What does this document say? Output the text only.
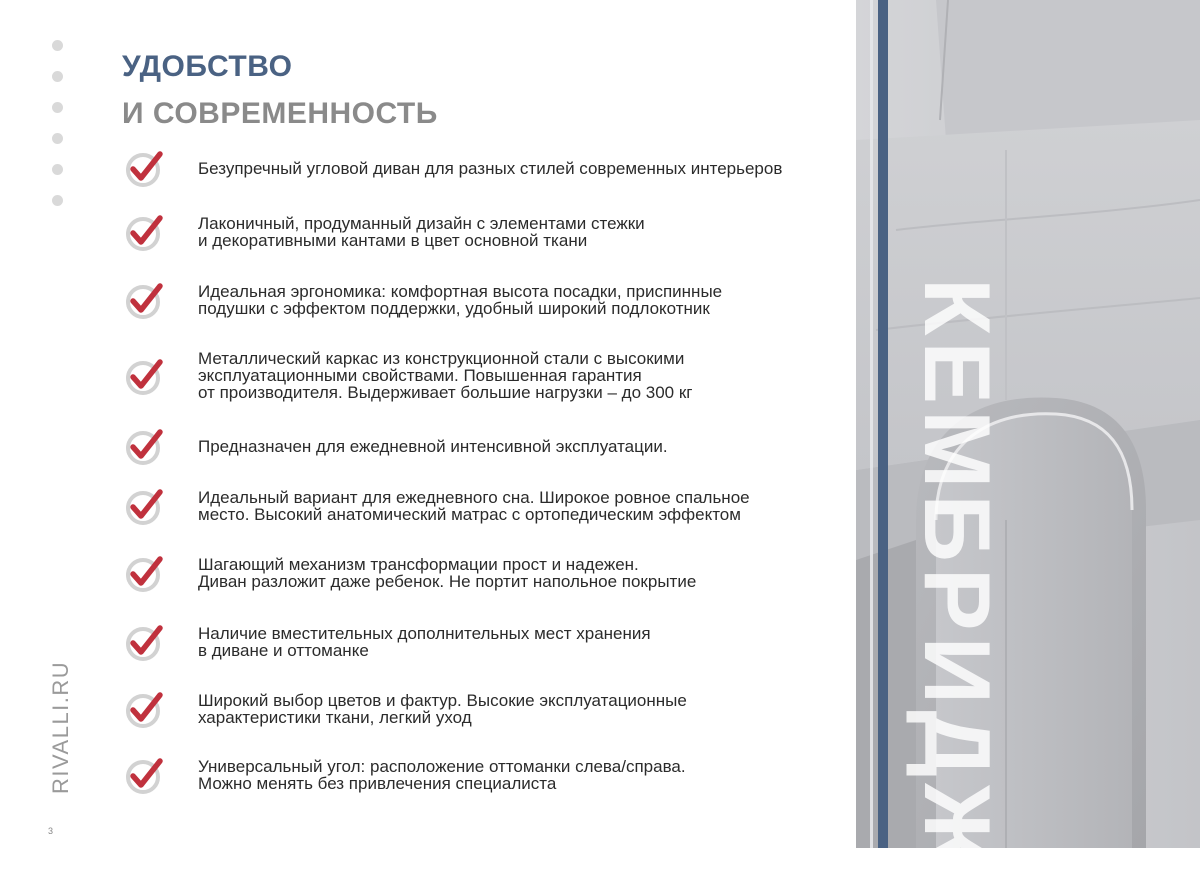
УДОБСТВО
И СОВРЕМЕННОСТЬ
Безупречный угловой диван для разных стилей современных интерьеров
Лаконичный, продуманный дизайн с элементами стежки
и декоративными кантами в цвет основной ткани
Идеальная эргономика: комфортная высота посадки, приспинные
подушки с эффектом поддержки, удобный широкий подлокотник
Металлический каркас из конструкционной стали с высокими
эксплуатационными свойствами. Повышенная гарантия
от производителя. Выдерживает большие нагрузки – до 300 кг
Предназначен для ежедневной интенсивной эксплуатации.
Идеальный вариант для ежедневного сна. Широкое ровное спальное
место. Высокий анатомический матрас с ортопедическим эффектом
Шагающий механизм трансформации прост и надежен.
Диван разложит даже ребенок. Не портит напольное покрытие
Наличие вместительных дополнительных мест хранения
в диване и оттоманке
Широкий выбор цветов и фактур. Высокие эксплуатационные
характеристики ткани, легкий уход
Универсальный угол: расположение оттоманки слева/справа.
Можно менять без привлечения специалиста
RIVALLI.RU
3	КЕМБРИДЖ
